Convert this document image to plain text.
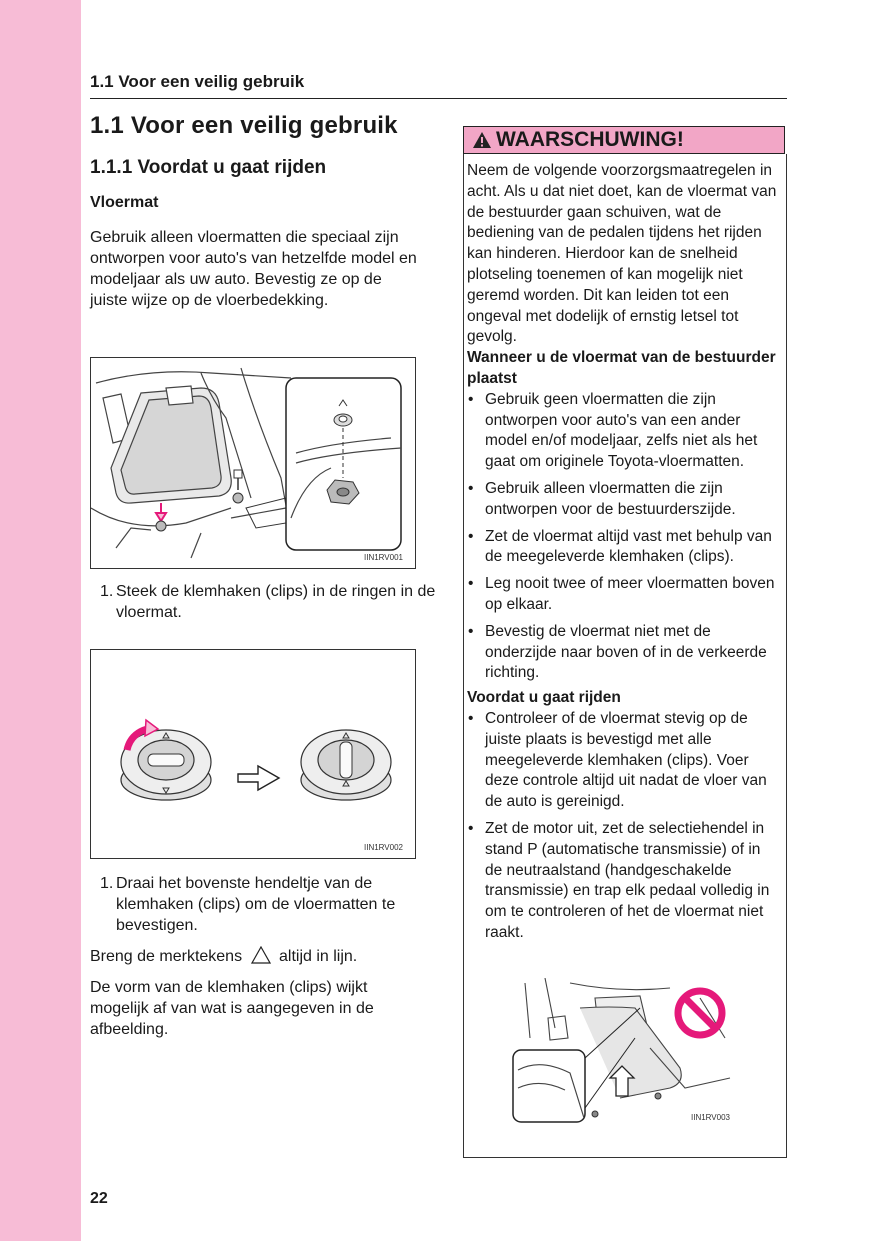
1.1 Voor een veilig gebruik
1.1 Voor een veilig gebruik
1.1.1 Voordat u gaat rijden
Vloermat
Gebruik alleen vloermatten die speciaal zijn ontworpen voor auto's van hetzelfde model en modeljaar als uw auto. Bevestig ze op de juiste wijze op de vloerbedekking.
IIN1RV001
1. Steek de klemhaken (clips) in de ringen in de vloermat.
IIN1RV002
1. Draai het bovenste hendeltje van de klemhaken (clips) om de vloermatten te bevestigen.
Breng de merktekens altijd in lijn.
De vorm van de klemhaken (clips) wijkt mogelijk af van wat is aangegeven in de afbeelding.
WAARSCHUWING!

Neem de volgende voorzorgsmaatregelen in acht. Als u dat niet doet, kan de vloermat van de bestuurder gaan schuiven, wat de bediening van de pedalen tijdens het rijden kan hinderen. Hierdoor kan de snelheid plotseling toenemen of kan mogelijk niet geremd worden. Dit kan leiden tot een ongeval met dodelijk of ernstig letsel tot gevolg.

Wanneer u de vloermat van de bestuurder plaatst

• Gebruik geen vloermatten die zijn ontworpen voor auto's van een ander model en/of modeljaar, zelfs niet als het gaat om originele Toyota-vloermatten.
• Gebruik alleen vloermatten die zijn ontworpen voor de bestuurderszijde.
• Zet de vloermat altijd vast met behulp van de meegeleverde klemhaken (clips).
• Leg nooit twee of meer vloermatten boven op elkaar.
• Bevestig de vloermat niet met de onderzijde naar boven of in de verkeerde richting.

Voordat u gaat rijden

• Controleer of de vloermat stevig op de juiste plaats is bevestigd met alle meegeleverde klemhaken (clips). Voer deze controle altijd uit nadat de vloer van de auto is gereinigd.
• Zet de motor uit, zet de selectiehendel in stand P (automatische transmissie) of in de neutraalstand (handgeschakelde transmissie) en trap elk pedaal volledig in om te controleren of het de vloermat niet raakt.
IIN1RV003
22
